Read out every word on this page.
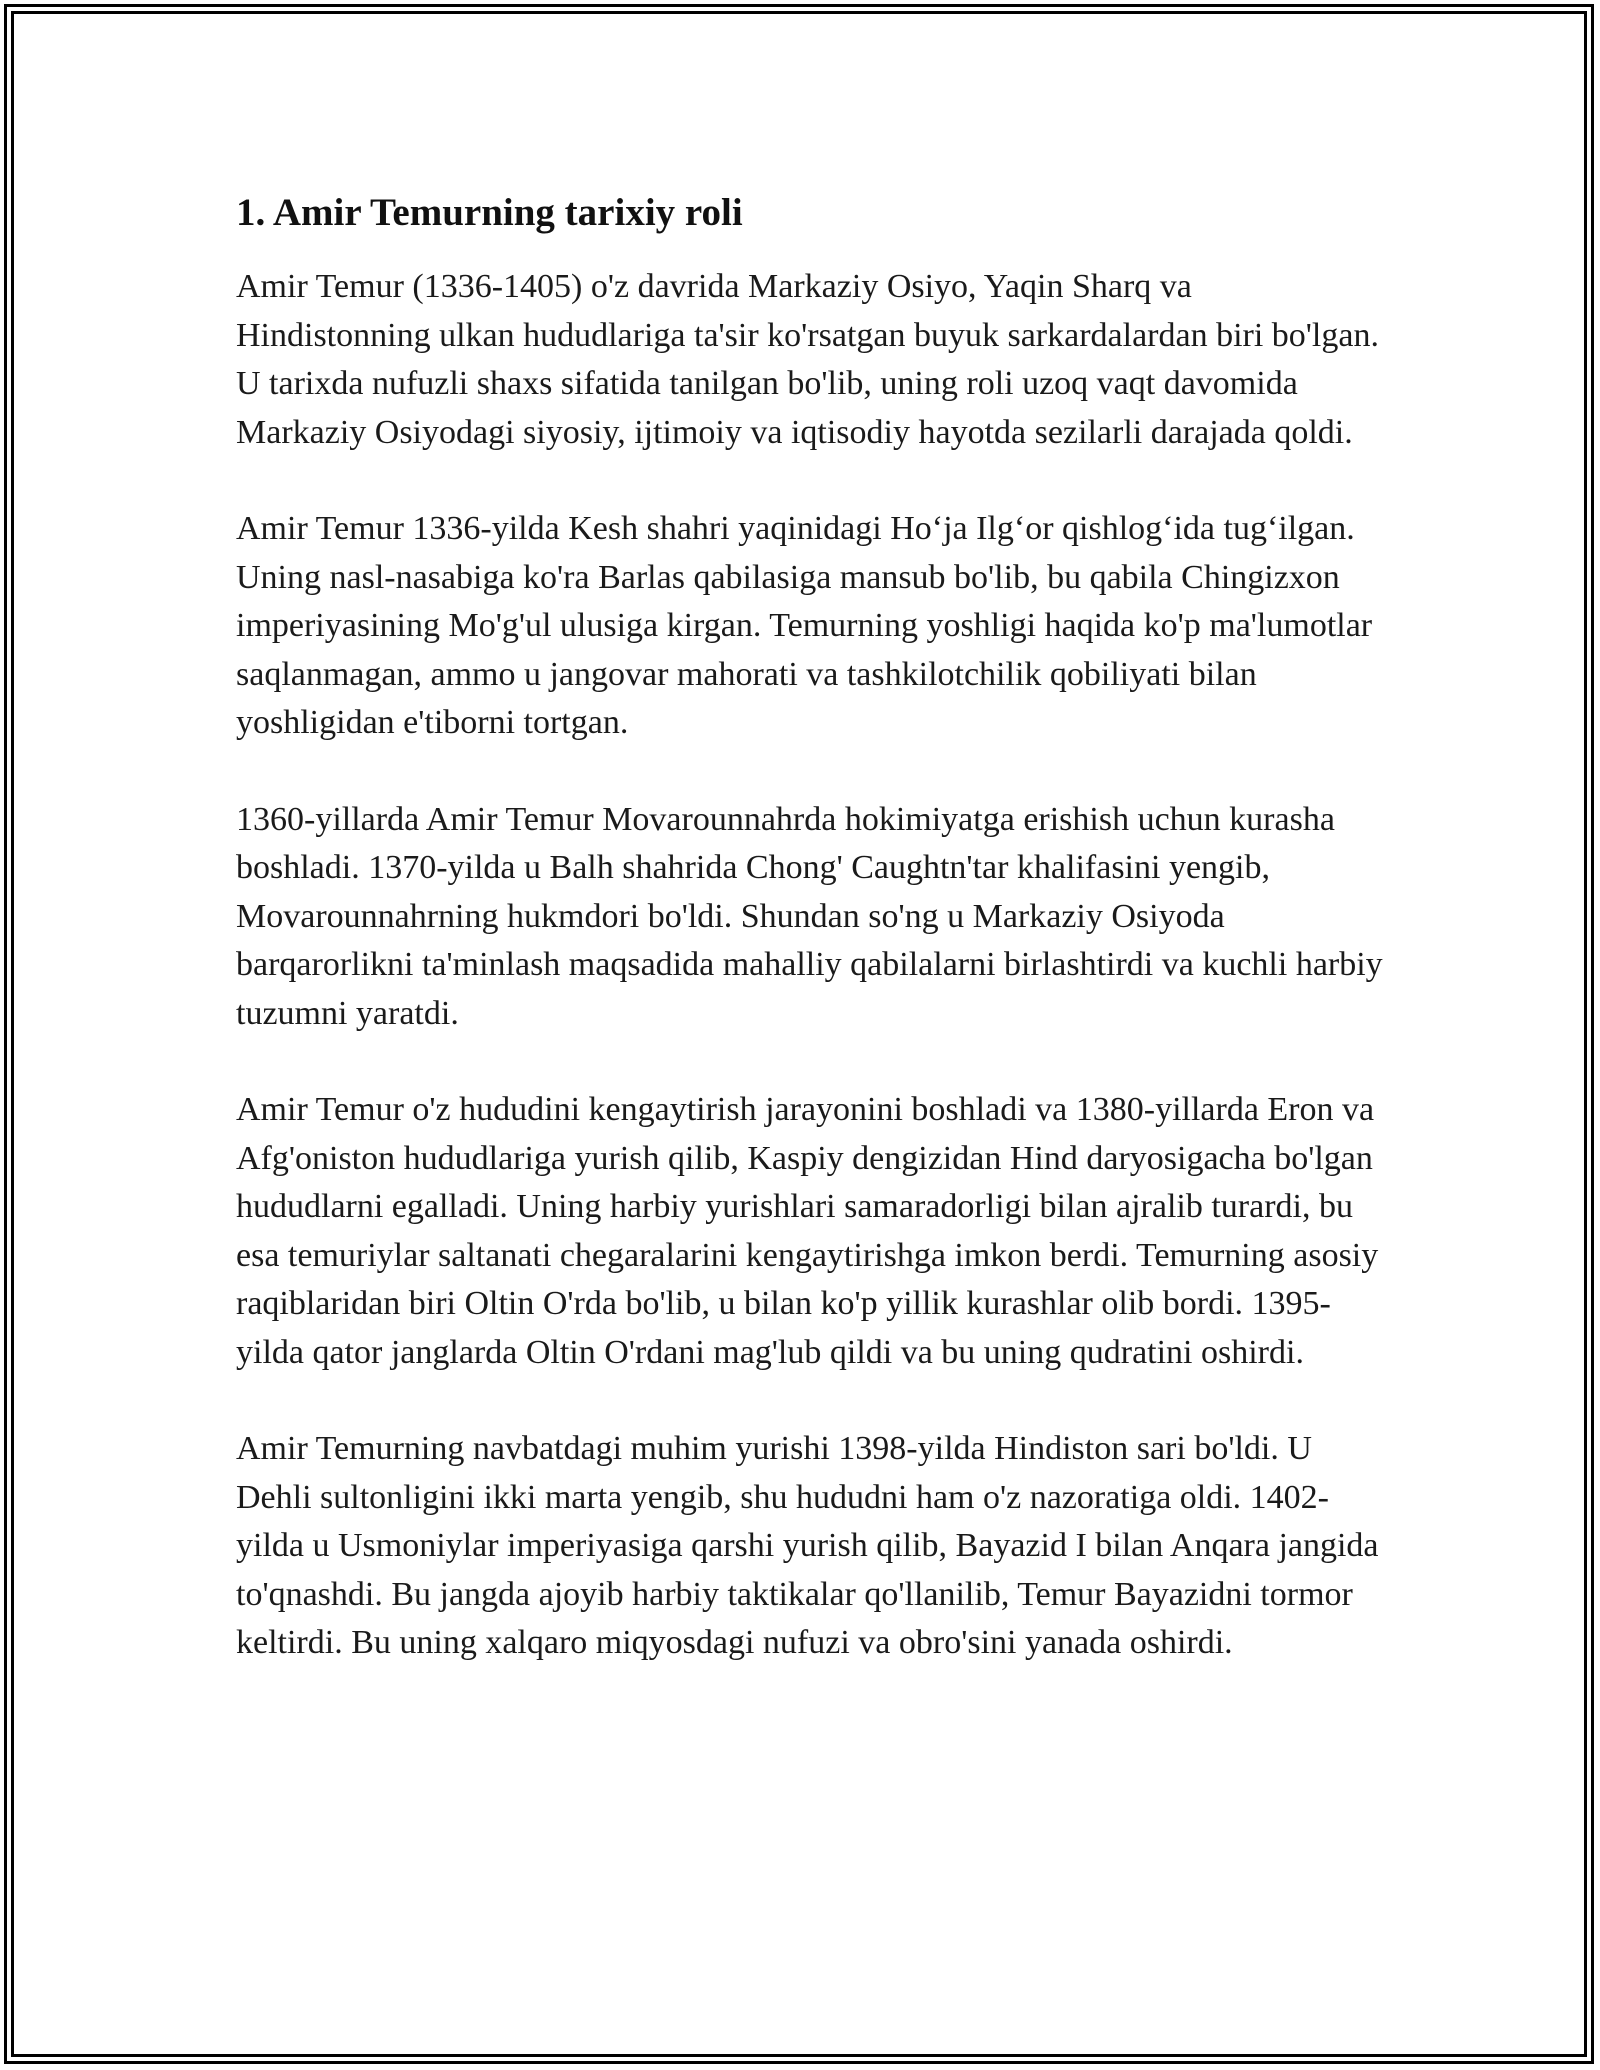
1. Amir Temurning tarixiy roli

Amir Temur (1336-1405) o'z davrida Markaziy Osiyo, Yaqin Sharq va Hindistonning ulkan hududlariga ta'sir ko'rsatgan buyuk sarkardalardan biri bo'lgan. U tarixda nufuzli shaxs sifatida tanilgan bo'lib, uning roli uzoq vaqt davomida Markaziy Osiyodagi siyosiy, ijtimoiy va iqtisodiy hayotda sezilarli darajada qoldi.

Amir Temur 1336-yilda Kesh shahri yaqinidagi Ho‘ja Ilg‘or qishlog‘ida tug‘ilgan. Uning nasl-nasabiga ko'ra Barlas qabilasiga mansub bo'lib, bu qabila Chingizxon imperiyasining Mo'g'ul ulusiga kirgan. Temurning yoshligi haqida ko'p ma'lumotlar saqlanmagan, ammo u jangovar mahorati va tashkilotchilik qobiliyati bilan yoshligidan e'tiborni tortgan.

1360-yillarda Amir Temur Movarounnahrda hokimiyatga erishish uchun kurasha boshladi. 1370-yilda u Balh shahrida Chong' Caughtn'tar khalifasini yengib, Movarounnahrning hukmdori bo'ldi. Shundan so'ng u Markaziy Osiyoda barqarorlikni ta'minlash maqsadida mahalliy qabilalarni birlashtirdi va kuchli harbiy tuzumni yaratdi.

Amir Temur o'z hududini kengaytirish jarayonini boshladi va 1380-yillarda Eron va Afg'oniston hududlariga yurish qilib, Kaspiy dengizidan Hind daryosigacha bo'lgan hududlarni egalladi. Uning harbiy yurishlari samaradorligi bilan ajralib turardi, bu esa temuriylar saltanati chegaralarini kengaytirishga imkon berdi. Temurning asosiy raqiblaridan biri Oltin O'rda bo'lib, u bilan ko'p yillik kurashlar olib bordi. 1395-yilda qator janglarda Oltin O'rdani mag'lub qildi va bu uning qudratini oshirdi.

Amir Temurning navbatdagi muhim yurishi 1398-yilda Hindiston sari bo'ldi. U Dehli sultonligini ikki marta yengib, shu hududni ham o'z nazoratiga oldi. 1402-yilda u Usmoniylar imperiyasiga qarshi yurish qilib, Bayazid I bilan Anqara jangida to'qnashdi. Bu jangda ajoyib harbiy taktikalar qo'llanilib, Temur Bayazidni tormor keltirdi. Bu uning xalqaro miqyosdagi nufuzi va obro'sini yanada oshirdi.
